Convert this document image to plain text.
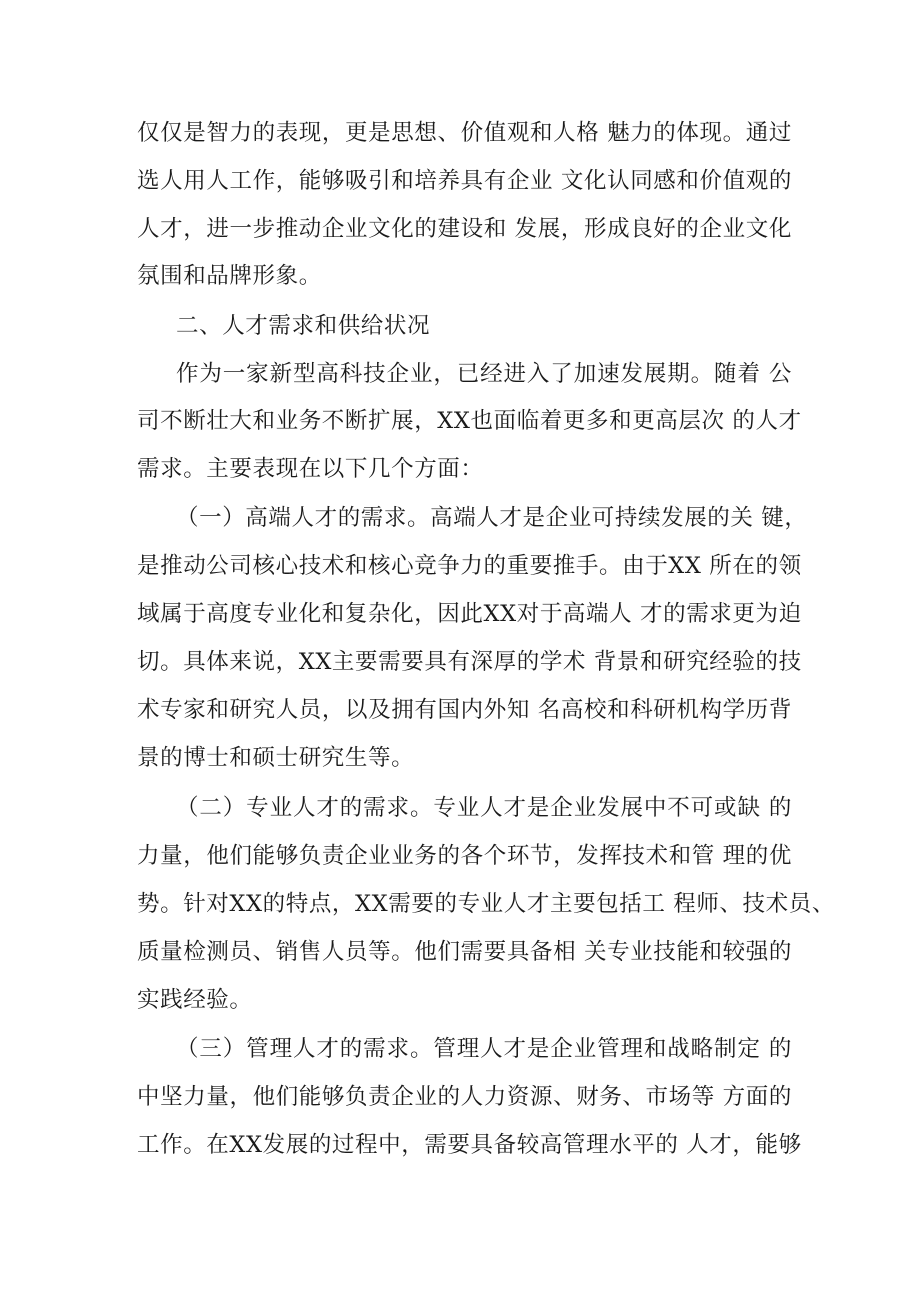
仅仅是智力的表现，更是思想、价值观和人格 魅力的体现。通过
选人用人工作，能够吸引和培养具有企业 文化认同感和价值观的
人才，进一步推动企业文化的建设和 发展，形成良好的企业文化
氛围和品牌形象。
二、人才需求和供给状况
作为一家新型高科技企业，已经进入了加速发展期。随着 公
司不断壮大和业务不断扩展，XX也面临着更多和更高层次 的人才
需求。主要表现在以下几个方面：
（一）高端人才的需求。高端人才是企业可持续发展的关 键，
是推动公司核心技术和核心竞争力的重要推手。由于XX 所在的领
域属于高度专业化和复杂化，因此XX对于高端人 才的需求更为迫
切。具体来说，XX主要需要具有深厚的学术 背景和研究经验的技
术专家和研究人员，以及拥有国内外知 名高校和科研机构学历背
景的博士和硕士研究生等。
（二）专业人才的需求。专业人才是企业发展中不可或缺 的
力量，他们能够负责企业业务的各个环节，发挥技术和管 理的优
势。针对XX的特点，XX需要的专业人才主要包括工 程师、技术员、
质量检测员、销售人员等。他们需要具备相 关专业技能和较强的
实践经验。
（三）管理人才的需求。管理人才是企业管理和战略制定 的
中坚力量，他们能够负责企业的人力资源、财务、市场等 方面的
工作。在XX发展的过程中，需要具备较高管理水平的 人才，能够
